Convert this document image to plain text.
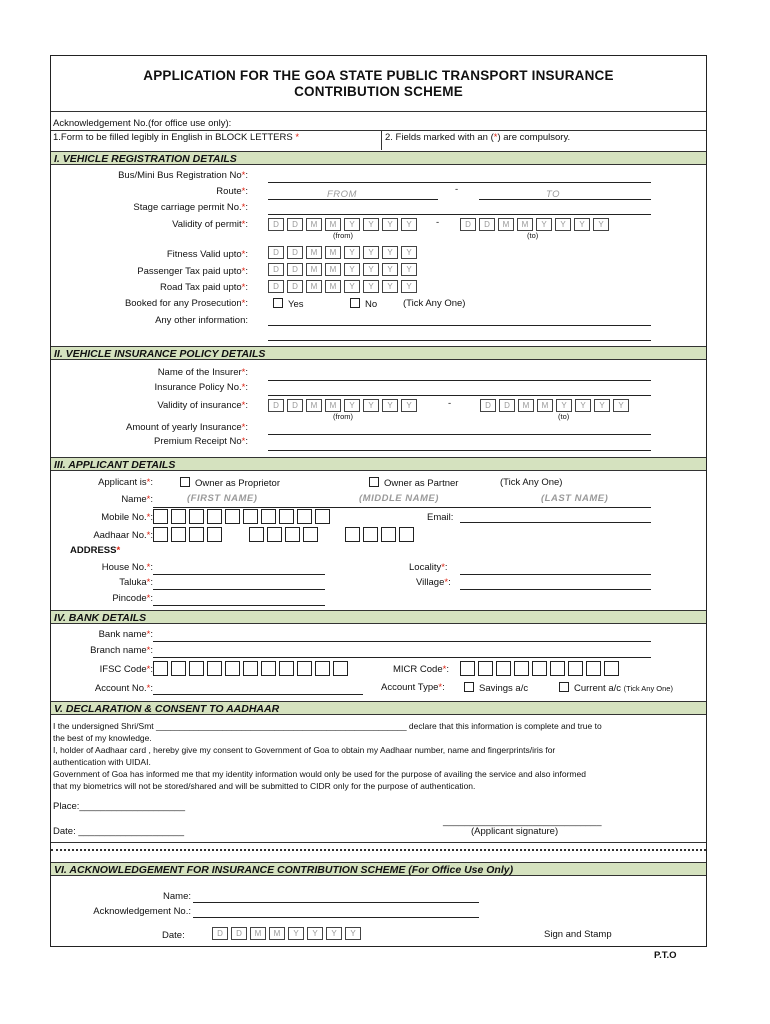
APPLICATION FOR THE GOA STATE PUBLIC TRANSPORT INSURANCE
CONTRIBUTION SCHEME
Acknowledgement No.(for office use only):
1.Form to be filled legibly in English in BLOCK LETTERS *	2. Fields marked with an (*) are compulsory.
I. VEHICLE REGISTRATION DETAILS
Bus/Mini Bus Registration No*:
Route*:	FROM	-	TO
Stage carriage permit No.*:
Validity of permit*:	D	D	M	M	Y	Y	Y	Y
(from)
-	D	D	M	M	Y	Y	Y	Y
(to)
Fitness Valid upto*:	D	D	M	M	Y	Y	Y	Y
Passenger Tax paid upto*:	D	D	M	M	Y	Y	Y	Y
Road Tax paid upto*:	D	D	M	M	Y	Y	Y	Y
Booked for any Prosecution*:	Yes	No	(Tick Any One)
Any other information:
II. VEHICLE INSURANCE POLICY DETAILS
Name of the Insurer*:
Insurance Policy No.*:
Validity of insurance*:	D	D	M	M	Y	Y	Y	Y
(from)
-	D	D	M	M	Y	Y	Y	Y
(to)
Amount of yearly Insurance*:
Premium Receipt No*:
III. APPLICANT DETAILS
Applicant is*:	Owner as Proprietor	Owner as Partner	(Tick Any One)
Name*:	(FIRST NAME)	(MIDDLE NAME)	(LAST NAME)
Mobile No.*:	Email:
Aadhaar No.*:
ADDRESS*
House No.*:	Locality*:
Taluka*:	Village*:
Pincode*:
IV. BANK DETAILS
Bank name*:
Branch name*:
IFSC Code*:	MICR Code*:
Account No.*:	Account Type*:	Savings a/c	Current a/c (Tick Any One)
V. DECLARATION & CONSENT TO AADHAAR
I the undersigned Shri/Smt _____________________________________________________ declare that this information is complete and true to
the best of my knowledge.
I, holder of Aadhaar card , hereby give my consent to Government of Goa to obtain my Aadhaar number, name and fingerprints/iris for
authentication with UIDAI.
Government of Goa has informed me that my identity information would only be used for the purpose of availing the service and also informed
that my biometrics will not be stored/shared and will be submitted to CIDR only for the purpose of authentication.
Place:____________________
______________________________
Date: ____________________	(Applicant signature)
VI. ACKNOWLEDGEMENT FOR INSURANCE CONTRIBUTION SCHEME (For Office Use Only)
Name:
Acknowledgement No.:
Date:	D	D	M	M	Y	Y	Y	Y	Sign and Stamp
P.T.O
